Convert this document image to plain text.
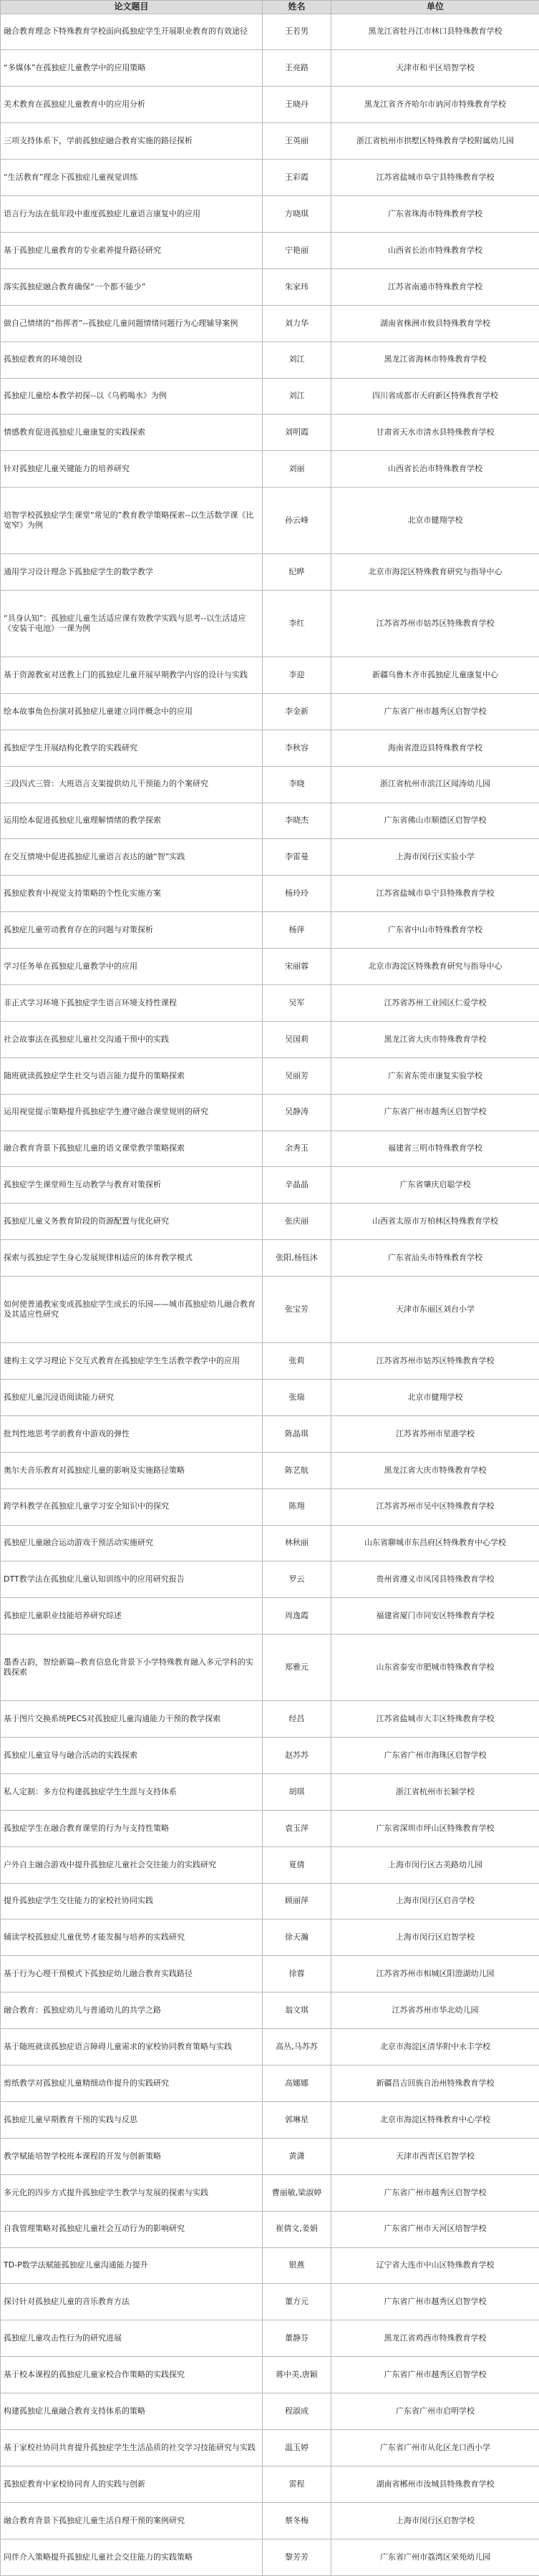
论文题目	姓名	单位
融合教育理念下特殊教育学校面向孤独症学生开展职业教育的有效途径	王若男	黑龙江省牡丹江市林口县特殊教育学校
“多媒体”在孤独症儿童教学中的应用策略	王亮路	天津市和平区培智学校
美术教育在孤独症儿童教育中的应用分析	王晓丹	黑龙江省齐齐哈尔市讷河市特殊教育学校
三项支持体系下，学前孤独症融合教育实施的路径探析	王英丽	浙江省杭州市拱墅区特殊教育学校附属幼儿园
“生活教育”理念下孤独症儿童视觉训练	王彩霞	江苏省盐城市阜宁县特殊教育学校
语言行为法在低年段中重度孤独症儿童语言康复中的应用	方晓琪	广东省珠海市特殊教育学校
基于孤独症儿童教育的专业素养提升路径研究	宁艳丽	山西省长治市特殊教育学校
落实孤独症融合教育确保“一个都不能少”	朱家玮	江苏省南通市特殊教育学校
做自己情绪的“指挥者”--孤独症儿童问题情绪问题行为心理辅导案例	刘力华	湖南省株洲市攸县特殊教育学校
孤独症教育的环境创设	刘江	黑龙江省海林市特殊教育学校
孤独症儿童绘本教学初探--以《乌鸦喝水》为例	刘江	四川省成都市天府新区特殊教育学校
情感教育促进孤独症儿童康复的实践探索	刘明霞	甘肃省天水市清水县特殊教育学校
针对孤独症儿童关键能力的培养研究	刘丽	山西省长治市特殊教育学校
培智学校孤独症学生课堂“常见的”教育教学策略探索--以生活数学课《比宽窄》为例	孙云峰	北京市健翔学校
通用学习设计理念下孤独症学生的数学教学	纪晔	北京市海淀区特殊教育研究与指导中心
“具身认知”：孤独症儿童生活适应课有效教学实践与思考--以生活适应《安装干电池》一课为例	李红	江苏省苏州市姑苏区特殊教育学校
基于资源教室对送教上门的孤独症儿童开展早期教学内容的设计与实践	李迎	新疆乌鲁木齐市孤独症儿童康复中心
绘本故事角色扮演对孤独症儿童建立同伴概念中的应用	李金新	广东省广州市越秀区启智学校
孤独症学生开展结构化教学的实践研究	李秋容	海南省澄迈县特殊教育学校
三段四式三管：大班语言支架提供幼儿干预能力的个案研究	李晓	浙江省杭州市滨江区闻涛幼儿园
运用绘本促进孤独症儿童理解情绪的教学探索	李晓杰	广东省佛山市顺德区启智学校
在交互情境中促进孤独症儿童语言表达的融“智”实践	李雷曼	上海市闵行区实验小学
孤独症教育中视觉支持策略的个性化实施方案	杨玲玲	江苏省盐城市阜宁县特殊教育学校
孤独症儿童劳动教育存在的问题与对策探析	杨萍	广东省中山市特殊教育学校
学习任务单在孤独症儿童教学中的应用	宋丽蓉	北京市海淀区特殊教育研究与指导中心
非正式学习环境下孤独症学生语言环境支持性课程	吴军	江苏省苏州工业园区仁爱学校
社会故事法在孤独症儿童社交沟通干预中的实践	吴国莉	黑龙江省大庆市特殊教育学校
随班就读孤独症学生社交与语言能力提升的策略探索	吴丽芳	广东省东莞市康复实验学校
运用视觉提示策略提升孤独症学生遵守融合课堂规则的研究	吴静涛	广东省广州市越秀区启智学校
融合教育背景下孤独症儿童的语文课堂教学策略探索	余秀玉	福建省三明市特殊教育学校
孤独症学生课堂师生互动教学与教育对策探析	辛晶晶	广东省肇庆启聪学校
孤独症儿童义务教育阶段的资源配置与优化研究	张庆丽	山西省太原市万柏林区特殊教育学校
探索与孤独症学生身心发展规律相适应的体育教学模式	张阳,杨钰沐	广东省汕头市特殊教育学校
如何使普通教室变成孤独症学生成长的乐园——城市孤独症幼儿融合教育及其适应性研究	张宝芳	天津市东丽区刘台小学
建构主义学习理论下交互式教育在孤独症学生生活教学教学中的应用	张莉	江苏省苏州市姑苏区特殊教育学校
孤独症儿童沉浸语阅读能力研究	张瑞	北京市健翔学校
批判性地思考学前教育中游戏的弹性	陈晶琪	江苏省苏州市星港学校
奥尔夫音乐教育对孤独症儿童的影响及实施路径策略	陈艺航	黑龙江省大庆市特殊教育学校
跨学科教学在孤独症儿童学习安全知识中的探究	陈翔	江苏省苏州市吴中区特殊教育学校
孤独症儿童融合运动游戏干预活动实施研究	林秋丽	山东省聊城市东昌府区特殊教育中心学校
DTT教学法在孤独症儿童认知训练中的应用研究报告	罗云	贵州省遵义市凤冈县特殊教育学校
孤独症儿童职业技能培养研究综述	周逸霞	福建省厦门市同安区特殊教育学校
墨香古韵，智绘新篇--教育信息化背景下小学特殊教育融入多元学科的实践探索	郑雅元	山东省泰安市肥城市特殊教育学校
基于图片交换系统PECS对孤独症儿童沟通能力干预的教学探索	经昌	江苏省盐城市大丰区特殊教育学校
孤独症儿童宣导与融合活动的实践探索	赵苏苏	广东省广州市海珠区启智学校
私人定制：多方位构建孤独症学生生涯与支持体系	胡琪	浙江省杭州市长颖学校
孤独症学生在融合教育课堂的行为与支持性策略	袁玉萍	广东省深圳市坪山区特殊教育学校
户外自主融合游戏中提升孤独症儿童社会交往能力的实践研究	夏倩	上海市闵行区古美路幼儿园
提升孤独症学生交往能力的家校社协同实践	顾丽萍	上海市闵行区启音学校
辅读学校孤独症儿童优势才能发掘与培养的实践研究	徐天瀚	上海市闵行区启智学校
基于行为心理干预模式下孤独症幼儿融合教育实践路径	徐蓉	江苏省苏州市相城区阳澄湖幼儿园
融合教育：孤独症幼儿与普通幼儿的共学之路	翁文琪	江苏省苏州市华北幼儿园
基于随班就读孤独症语言障碍儿童需求的家校协同教育策略与实践	高丛,马苏苏	北京市海淀区清华附中永丰学校
剪纸教学对孤独症儿童精细动作提升的实践研究	高娜娜	新疆昌吉回族自治州特殊教育学校
孤独症儿童早期教育干预的实践与反思	郭琳星	北京市海淀区特殊教育中心学校
教学赋能培智学校班本课程的开发与创新策略	黄潇	天津市西青区启智学校
多元化的四步方式提升孤独症学生教学与发展的探索与实践	曹丽敏,梁淑婷	广东省广州市越秀区启智学校
自我管理策略对孤独症儿童社会互动行为的影响研究	崔倩文,姜娟	广东省广州市天河区培智学校
TD-P数学法赋能孤独症儿童沟通能力提升	银燕	辽宁省大连市中山区特殊教育学校
探讨针对孤独症儿童的音乐教育方法	董方元	广东省广州市越秀区启智学校
孤独症儿童攻击性行为的研究进展	董静芬	黑龙江省鸡西市特殊教育学校
基于校本课程的孤独症儿童家校合作策略的实践探究	蒋中美,唐颖	广东省广州市越秀区启智学校
构建孤独症儿童融合教育支持体系的策略	程淑成	广东省广州市启明学校
基于家校社协同共育提升孤独症学生生活品质的社交学习技能研究与实践	温玉婷	广东省广州市从化区龙口西小学
孤独症教育中家校协同育人的实践与创新	雷程	湖南省郴州市汝城县特殊教育学校
融合教育背景下孤独症儿童生活自理干预的案例研究	蔡冬梅	上海市闵行区启智学校
同伴介入策略提升孤独症儿童社会交往能力的实践策略	黎芳芳	广东省广州市荔湾区荣苑幼儿园
